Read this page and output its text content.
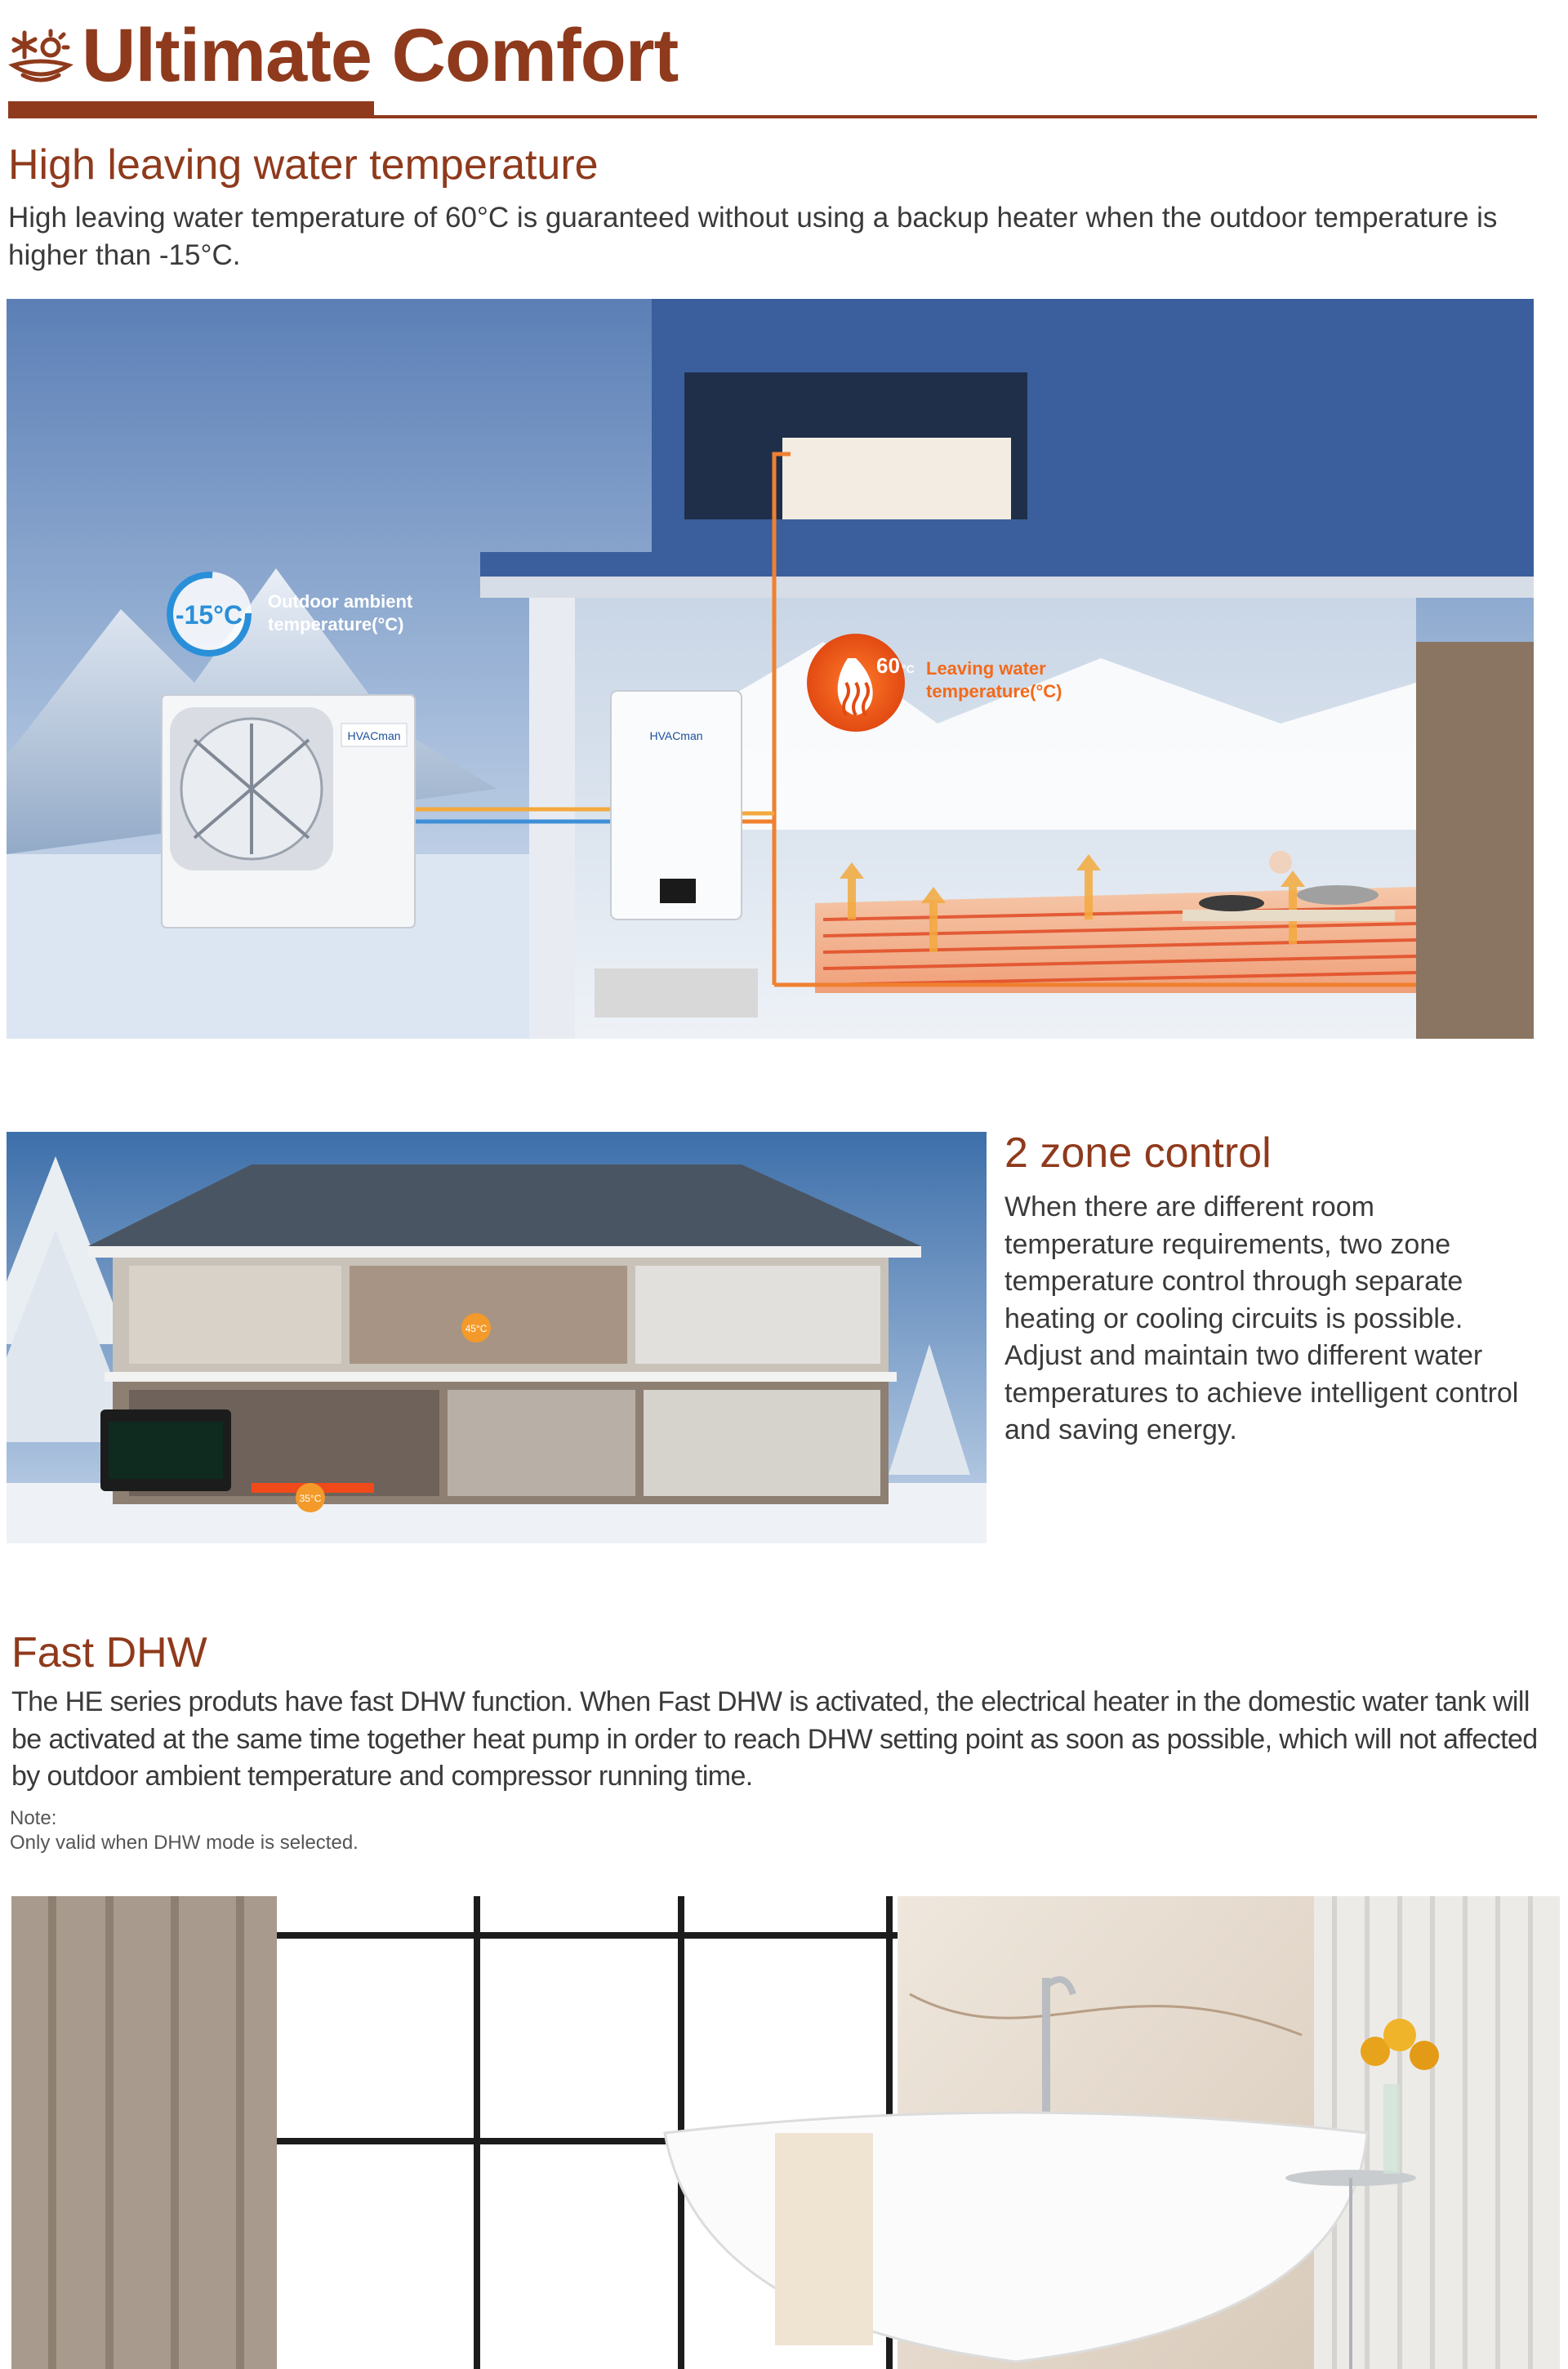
Ultimate Comfort
High leaving water temperature
High leaving water temperature of 60°C is guaranteed without using a backup heater when the outdoor temperature is higher than -15°C.
HVACman	HVACman
-15°C Outdoor ambient
temperature(°C)
60 °C Leaving water
temperature(°C)
45°C
35°C
2 zone control
When there are different room temperature requirements, two zone temperature control through separate heating or cooling circuits is possible. Adjust and maintain two different water temperatures to achieve intelligent control and saving energy.
Fast DHW
The HE series produts have fast DHW function. When Fast DHW is activated, the electrical heater in the domestic water tank will be activated at the same time together heat pump in order to reach DHW setting point as soon as possible, which will not affected by outdoor ambient temperature and compressor running time.
Note:
Only valid when DHW mode is selected.
